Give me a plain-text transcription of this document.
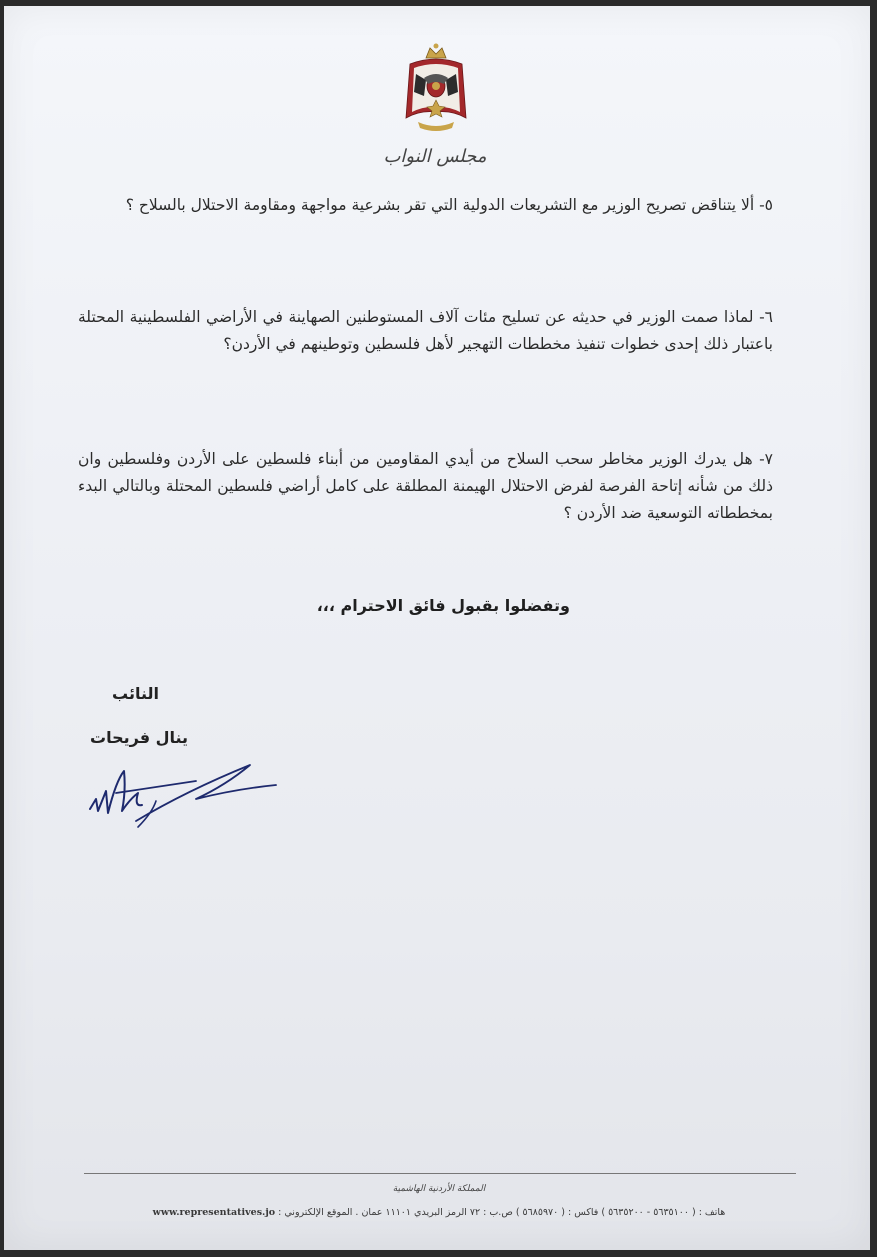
مجلس النواب
٥- ألا يتناقض تصريح الوزير مع التشريعات الدولية التي تقر بشرعية مواجهة ومقاومة الاحتلال بالسلاح ؟
٦- لماذا صمت الوزير في حديثه عن تسليح مئات آلاف المستوطنين الصهاينة في الأراضي الفلسطينية المحتلة باعتبار ذلك إحدى خطوات تنفيذ مخططات التهجير لأهل فلسطين وتوطينهم في الأردن؟
٧- هل يدرك الوزير مخاطر سحب السلاح من أيدي المقاومين من أبناء فلسطين على الأردن وفلسطين وان ذلك من شأنه إتاحة الفرصة لفرض الاحتلال الهيمنة المطلقة على كامل أراضي فلسطين المحتلة وبالتالي البدء بمخططاته التوسعية ضد الأردن ؟
وتفضلوا بقبول فائق الاحترام ،،،
النائب
ينال فريحات
المملكة الأردنية الهاشمية
هاتف : ( ٥٦٣٥١٠٠ - ٥٦٣٥٢٠٠ ) فاكس : ( ٥٦٨٥٩٧٠ ) ص.ب : ٧٢ الرمز البريدي ١١١٠١ عمان . الموقع الإلكتروني : www.representatives.jo
